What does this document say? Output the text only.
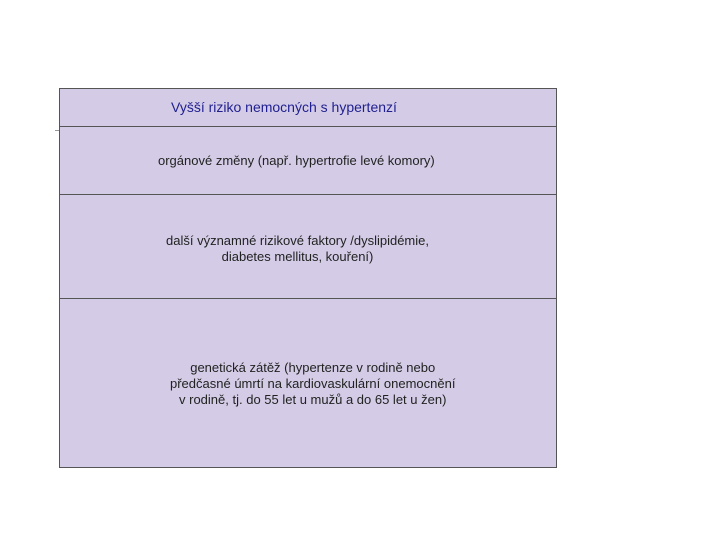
Vyšší riziko nemocných s hypertenzí
orgánové změny (např. hypertrofie levé komory)
další významné rizikové faktory /dyslipidémie,
diabetes mellitus, kouření)
genetická zátěž (hypertenze v rodině nebo
předčasné úmrtí na kardiovaskulární onemocnění
v rodině, tj. do 55 let u mužů a do 65 let u žen)
